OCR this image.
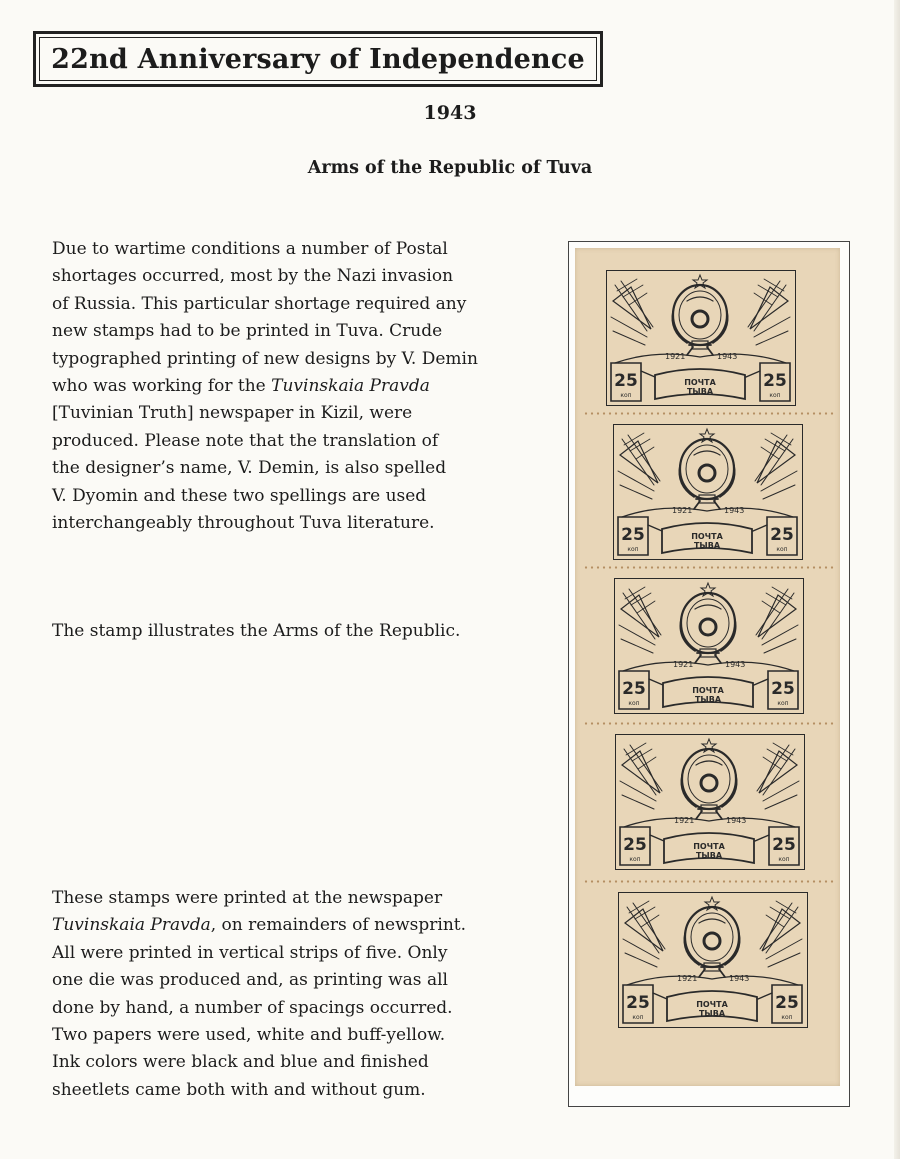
22nd Anniversary of Independence
1943
Arms of the Republic of Tuva

Due to wartime conditions a number of Postal
shortages occurred, most by the Nazi invasion
of Russia. This particular shortage required any
new stamps had to be printed in Tuva. Crude
typographed printing of new designs by V. Demin
who was working for the Tuvinskaia Pravda
[Tuvinian Truth] newspaper in Kizil, were
produced. Please note that the translation of
the designer’s name, V. Demin, is also spelled
V. Dyomin and these two spellings are used
interchangeably throughout Tuva literature.

The stamp illustrates the Arms of the Republic.

These stamps were printed at the newspaper
Tuvinskaia Pravda, on remainders of newsprint.
All were printed in vertical strips of five. Only
one die was produced and, as printing was all
done by hand, a number of spacings occurred.
Two papers were used, white and buff-yellow.
Ink colors were black and blue and finished
sheetlets came both with and without gum.

1921	1943
25	25
коп	коп
ПОЧТА
ТЫВА
1921	1943
25	25
коп	коп
ПОЧТА
ТЫВА
1921	1943
25	25
коп	коп
ПОЧТА
ТЫВА
1921	1943
25	25
коп	коп
ПОЧТА
ТЫВА
1921	1943
25	25
коп	коп
ПОЧТА
ТЫВА
